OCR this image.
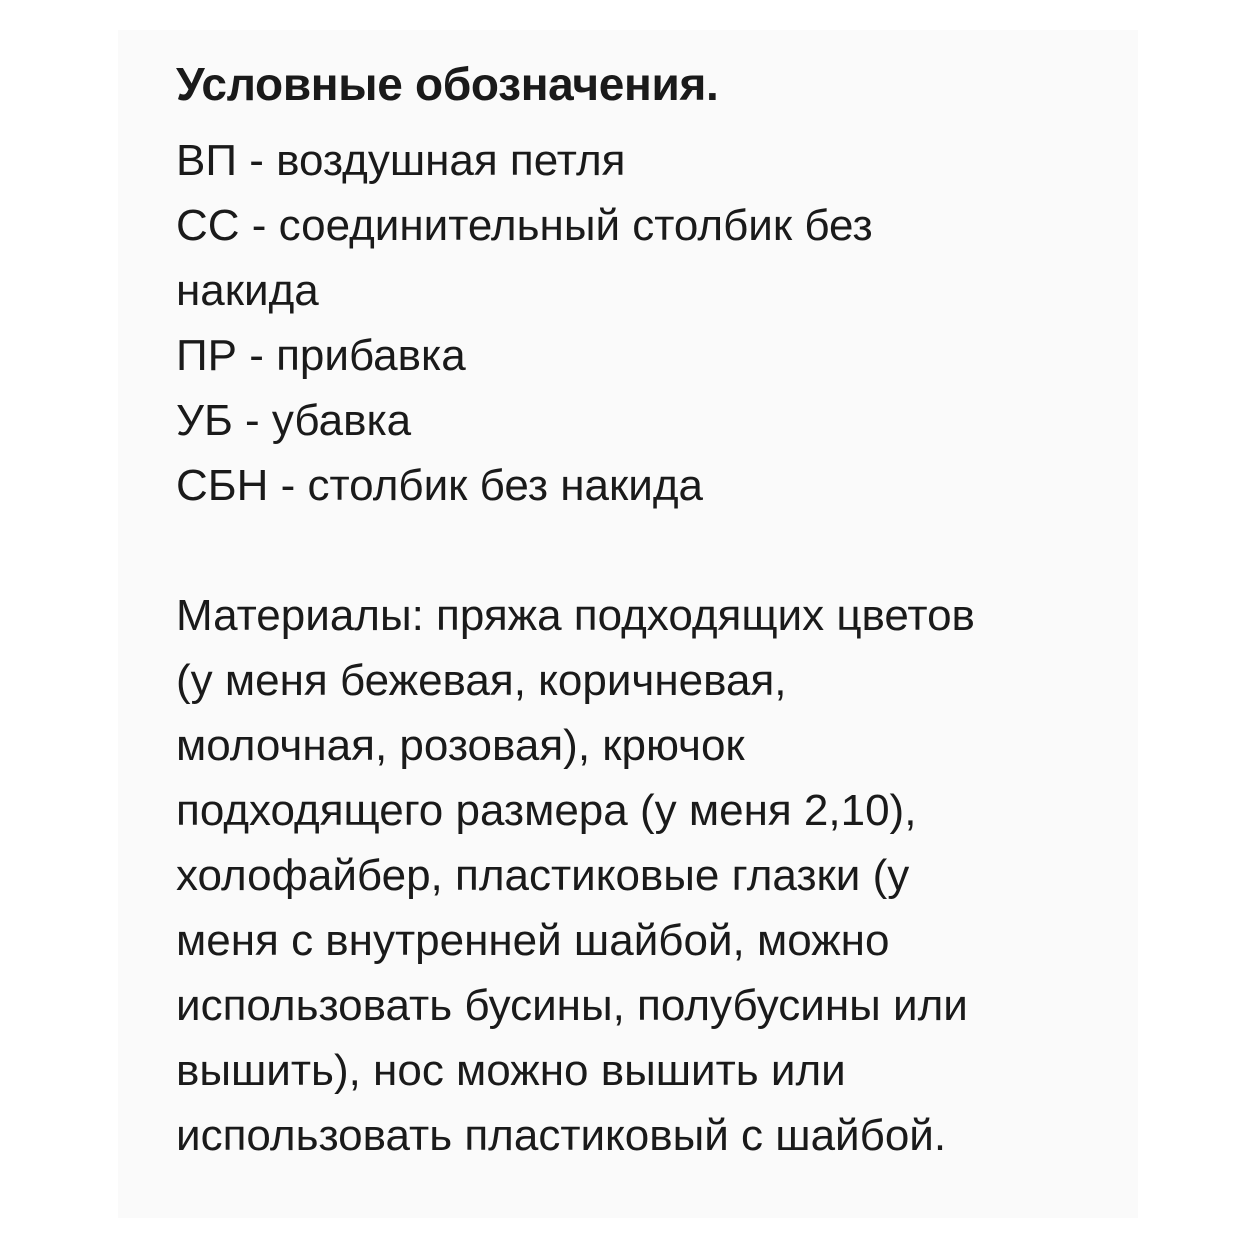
Условные обозначения.
ВП - воздушная петля
СС - соединительный столбик без
накида
ПР - прибавка
УБ - убавка
СБН - столбик без накида
Материалы: пряжа подходящих цветов
(у меня бежевая, коричневая,
молочная, розовая), крючок
подходящего размера (у меня 2,10),
холофайбер, пластиковые глазки (у
меня с внутренней шайбой, можно
использовать бусины, полубусины или
вышить), нос можно вышить или
использовать пластиковый с шайбой.
